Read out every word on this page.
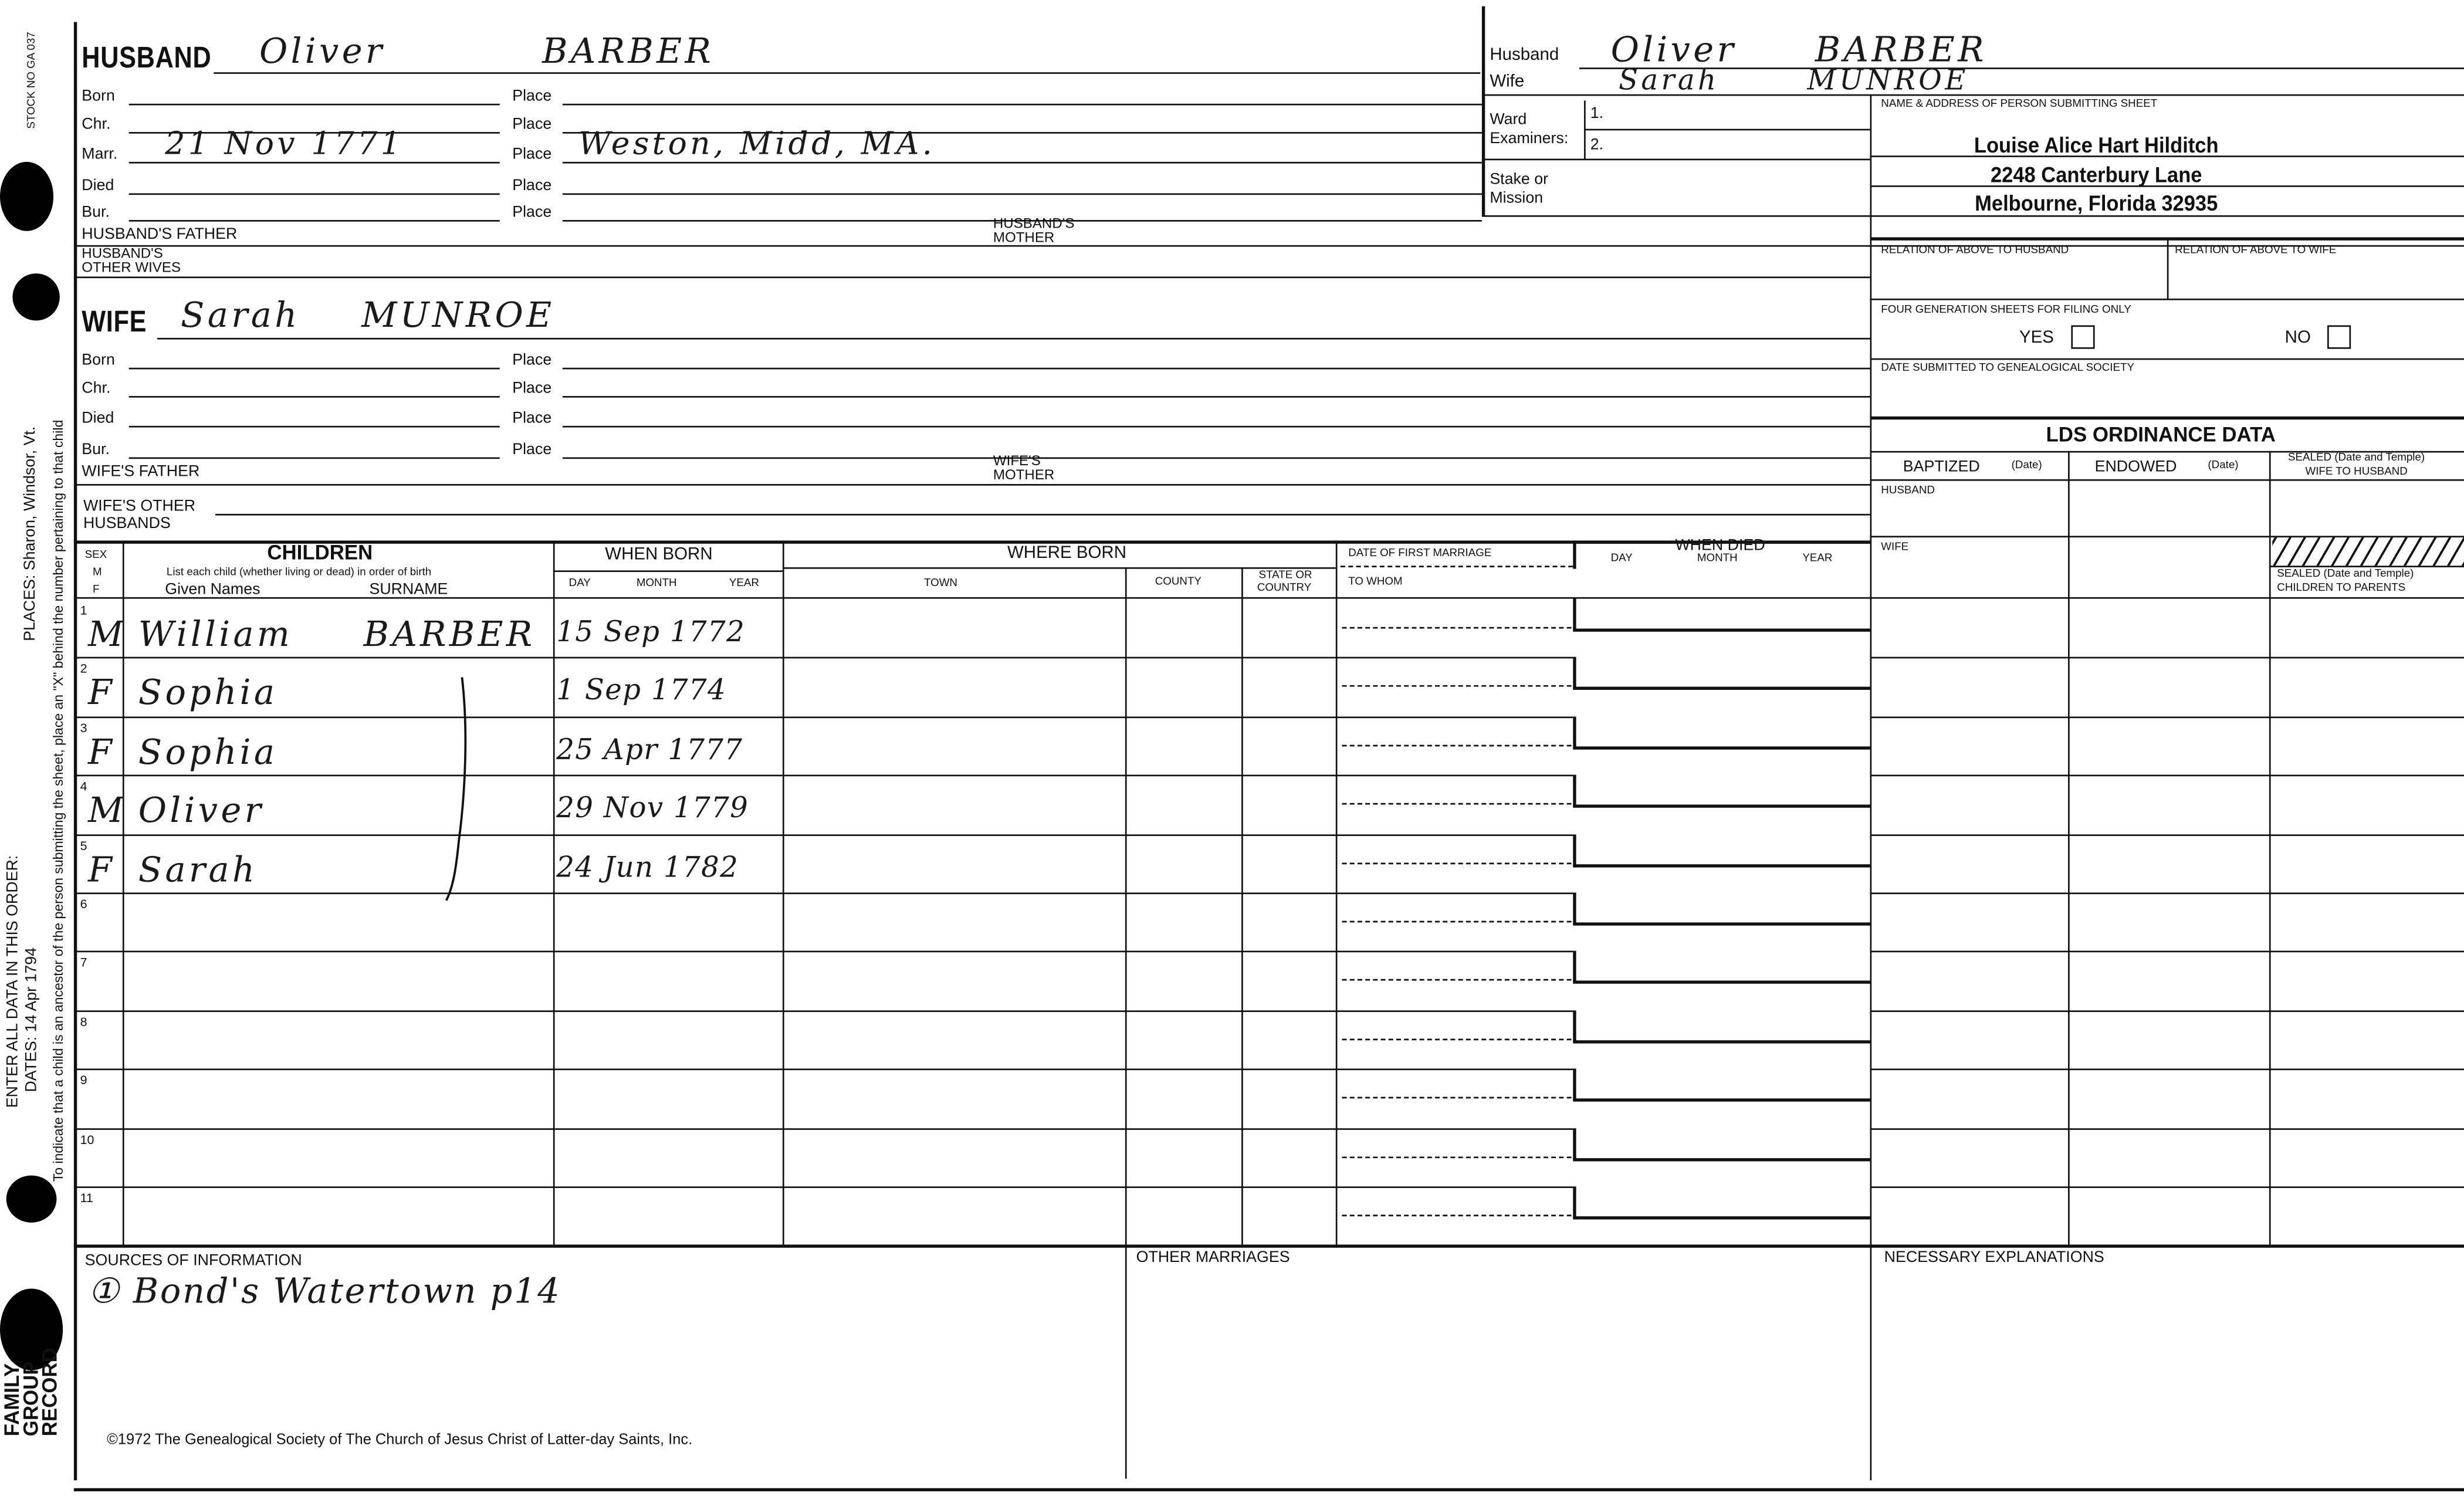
STOCK NO GA 037
PLACES: Sharon, Windsor, Vt.
ENTER ALL DATA IN THIS ORDER: DATES: 14 Apr 1794 To indicate that a child is an ancestor of the person submitting the sheet, place an "X" behind the number pertaining to that child
FAMILY
GROUP
RECORD
HUSBAND	Oliver	BARBER
Born	Place
Chr.	Place
Marr.	21 Nov 1771	Place Weston, Midd, MA.
Died	Place
Bur.	Place
HUSBAND'S FATHER
HUSBAND'S
MOTHER
HUSBAND'S
OTHER WIVES
WIFE	Sarah	MUNROE
Born	Place
Chr.	Place
Died	Place
Bur.	Place
WIFE'S FATHER
WIFE'S
MOTHER
WIFE'S OTHER
HUSBANDS
Husband	Oliver	BARBER
Wife	Sarah	MUNROE
Ward
Examiners:
1.
2.
Stake or
Mission
NAME & ADDRESS OF PERSON SUBMITTING SHEET
Louise Alice Hart Hilditch
2248 Canterbury Lane
Melbourne, Florida 32935
RELATION OF ABOVE TO HUSBAND	RELATION OF ABOVE TO WIFE
FOUR GENERATION SHEETS FOR FILING ONLY
YES	NO
DATE SUBMITTED TO GENEALOGICAL SOCIETY
LDS ORDINANCE DATA
BAPTIZED	(Date)	ENDOWED	(Date)
SEALED (Date and Temple)
WIFE TO HUSBAND
HUSBAND
WIFE
SEALED (Date and Temple)
CHILDREN TO PARENTS
SEX
M
F
CHILDREN
List each child (whether living or dead) in order of birth
Given Names	SURNAME
WHEN BORN
DAY	MONTH	YEAR
WHERE BORN
TOWN	COUNTY
STATE OR
COUNTRY
DATE OF FIRST MARRIAGE
TO WHOM
WHEN DIED
DAY	MONTH	YEAR
1
M William     BARBER 15 Sep 1772
2
F Sophia	1 Sep 1774
3
F Sophia	25 Apr 1777
4
M Oliver	29 Nov 1779
5
F Sarah	24 Jun 1782
6
7
8
9
10
11
SOURCES OF INFORMATION
① Bond's Watertown p14
OTHER MARRIAGES	NECESSARY EXPLANATIONS
©1972 The Genealogical Society of The Church of Jesus Christ of Latter-day Saints, Inc.
